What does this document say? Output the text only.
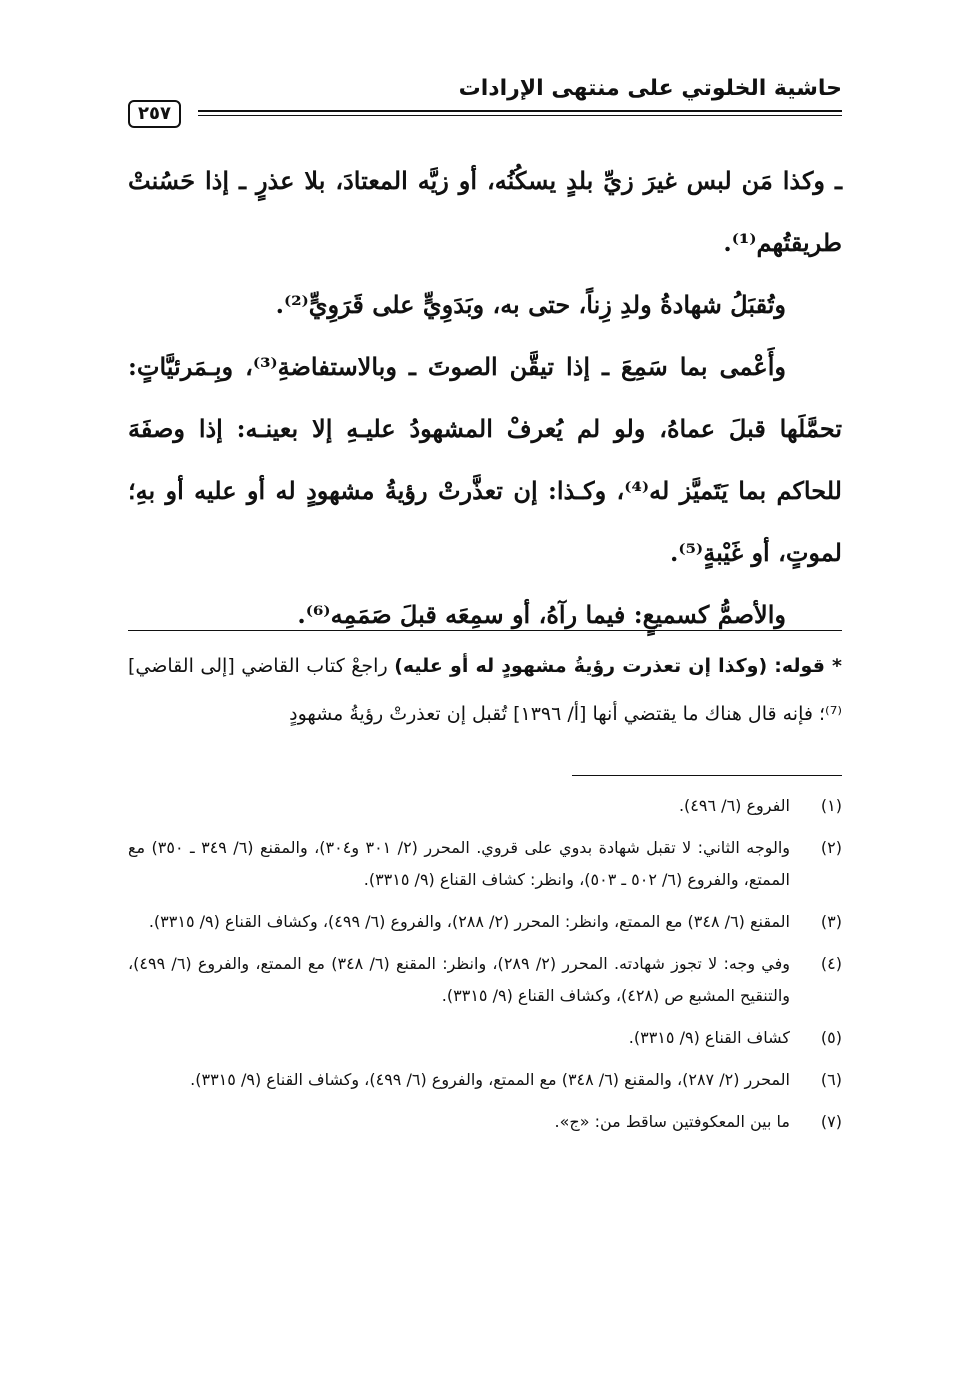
حاشية الخلوتي على منتهى الإرادات
٢٥٧

ـ وكذا مَن لبس غيرَ زيِّ بلدٍ يسكُنُه، أو زيَّه المعتادَ، بلا عذرٍ ـ إذا حَسُنتْ طريقتُهم⁽¹⁾.

وتُقبَلُ شهادةُ ولدِ زِناً، حتى به، وبَدَوِيٍّ على قَرَوِيٍّ⁽²⁾.

وأَعْمى بما سَمِعَ ـ إذا تيقَّن الصوتَ ـ وبالاستفاضةِ⁽³⁾، وبِـمَرئيَّاتٍ: تحمَّلَها قبلَ عماهُ، ولو لم يُعرفْ المشهودُ عليـهِ إلا بعينـه: إذا وصفَهَ للحاكم بما يَتَميَّز له⁽⁴⁾، وكـذا: إن تعذَّرتْ رؤيةُ مشهودٍ له أو عليه أو بهِ؛ لموتٍ، أو غَيْبةٍ⁽⁵⁾.

والأصمُّ كسميعٍ: فيما رآهُ، أو سمِعَه قبلَ صَمَمِه⁽⁶⁾.

* قوله: (وكذا إن تعذرت رؤيةُ مشهودٍ له أو عليه) راجعْ كتاب القاضي [إلى القاضي]⁽⁷⁾؛ فإنه قال هناك ما يقتضي أنها [أ/ ١٣٩٦] تُقبل إن تعذرتْ رؤيةُ مشهودٍ

(١)
الفروع (٦/ ٤٩٦).
(٢)
والوجه الثاني: لا تقبل شهادة بدوي على قروي. المحرر (٢/ ٣٠١ و٣٠٤)، والمقنع (٦/ ٣٤٩ ـ ٣٥٠) مع الممتع، والفروع (٦/ ٥٠٢ ـ ٥٠٣)، وانظر: كشاف القناع (٩/ ٣٣١٥).
(٣)
المقنع (٦/ ٣٤٨) مع الممتع، وانظر: المحرر (٢/ ٢٨٨)، والفروع (٦/ ٤٩٩)، وكشاف القناع (٩/ ٣٣١٥).
(٤)
وفي وجه: لا تجوز شهادته. المحرر (٢/ ٢٨٩)، وانظر: المقنع (٦/ ٣٤٨) مع الممتع، والفروع (٦/ ٤٩٩)، والتنقيح المشبع ص (٤٢٨)، وكشاف القناع (٩/ ٣٣١٥).
(٥)
كشاف القناع (٩/ ٣٣١٥).
(٦)
المحرر (٢/ ٢٨٧)، والمقنع (٦/ ٣٤٨) مع الممتع، والفروع (٦/ ٤٩٩)، وكشاف القناع (٩/ ٣٣١٥).
(٧)
ما بين المعكوفتين ساقط من: «ج».
